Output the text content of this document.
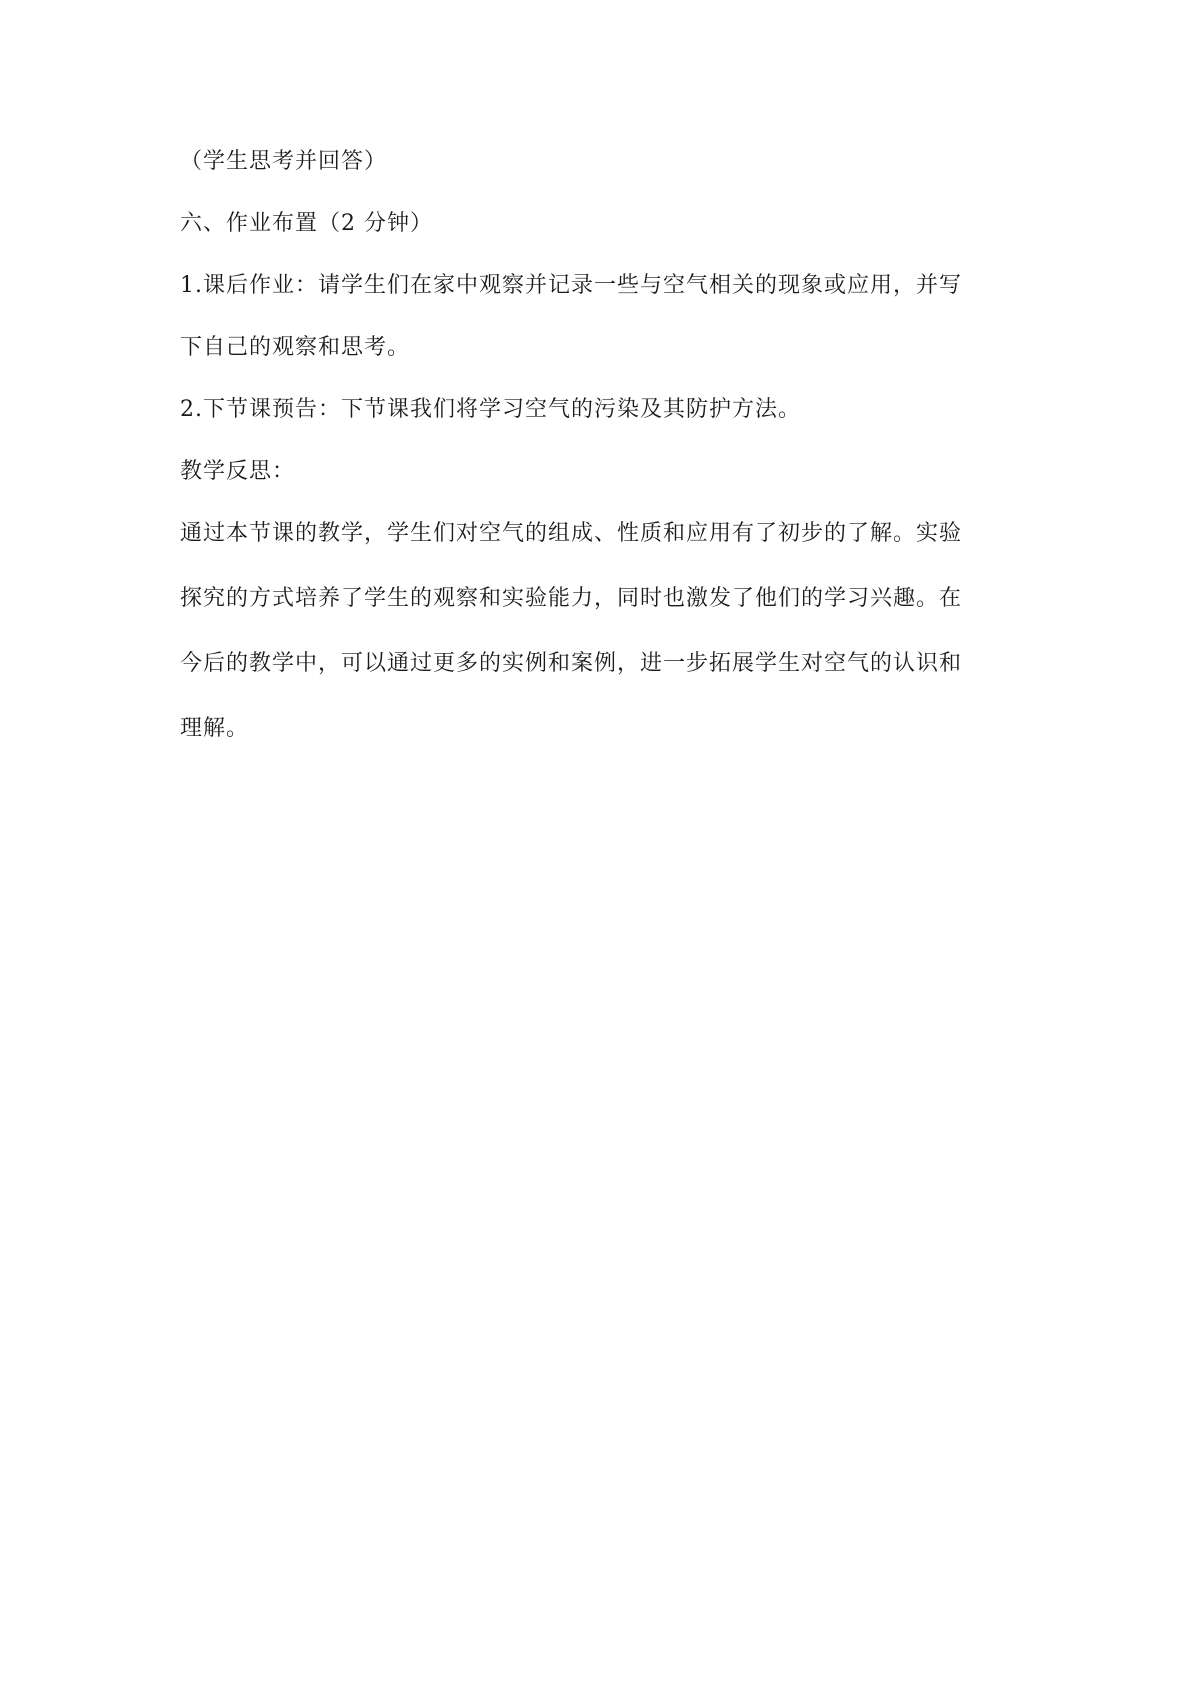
（学生思考并回答）

六、作业布置（2 分钟）

1.课后作业：请学生们在家中观察并记录一些与空气相关的现象或应用，并写

下自己的观察和思考。

2.下节课预告：下节课我们将学习空气的污染及其防护方法。

教学反思：

通过本节课的教学，学生们对空气的组成、性质和应用有了初步的了解。实验

探究的方式培养了学生的观察和实验能力，同时也激发了他们的学习兴趣。在

今后的教学中，可以通过更多的实例和案例，进一步拓展学生对空气的认识和

理解。
